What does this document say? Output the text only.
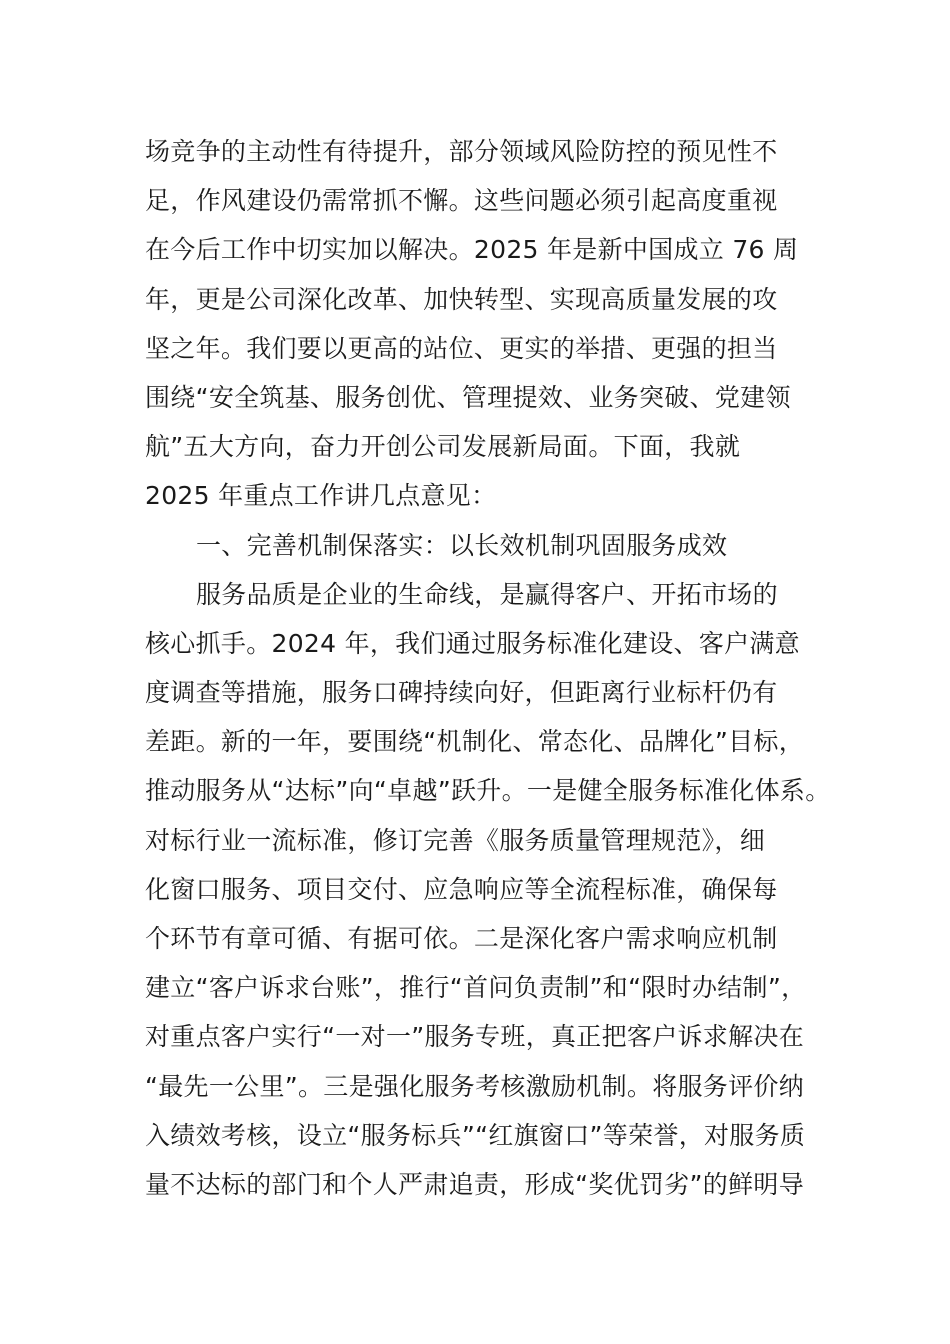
场竞争的主动性有待提升，部分领域风险防控的预见性不
足，作风建设仍需常抓不懈。这些问题必须引起高度重视
在今后工作中切实加以解决。2025 年是新中国成立 76 周
年，更是公司深化改革、加快转型、实现高质量发展的攻
坚之年。我们要以更高的站位、更实的举措、更强的担当
围绕“安全筑基、服务创优、管理提效、业务突破、党建领
航”五大方向，奋力开创公司发展新局面。下面，我就
2025 年重点工作讲几点意见：
一、完善机制保落实：以长效机制巩固服务成效
服务品质是企业的生命线，是赢得客户、开拓市场的
核心抓手。2024 年，我们通过服务标准化建设、客户满意
度调查等措施，服务口碑持续向好，但距离行业标杆仍有
差距。新的一年，要围绕“机制化、常态化、品牌化”目标，
推动服务从“达标”向“卓越”跃升。一是健全服务标准化体系。
对标行业一流标准，修订完善《服务质量管理规范》，细
化窗口服务、项目交付、应急响应等全流程标准，确保每
个环节有章可循、有据可依。二是深化客户需求响应机制
建立“客户诉求台账”，推行“首问负责制”和“限时办结制”，
对重点客户实行“一对一”服务专班，真正把客户诉求解决在
“最先一公里”。三是强化服务考核激励机制。将服务评价纳
入绩效考核，设立“服务标兵”“红旗窗口”等荣誉，对服务质
量不达标的部门和个人严肃追责，形成“奖优罚劣”的鲜明导
